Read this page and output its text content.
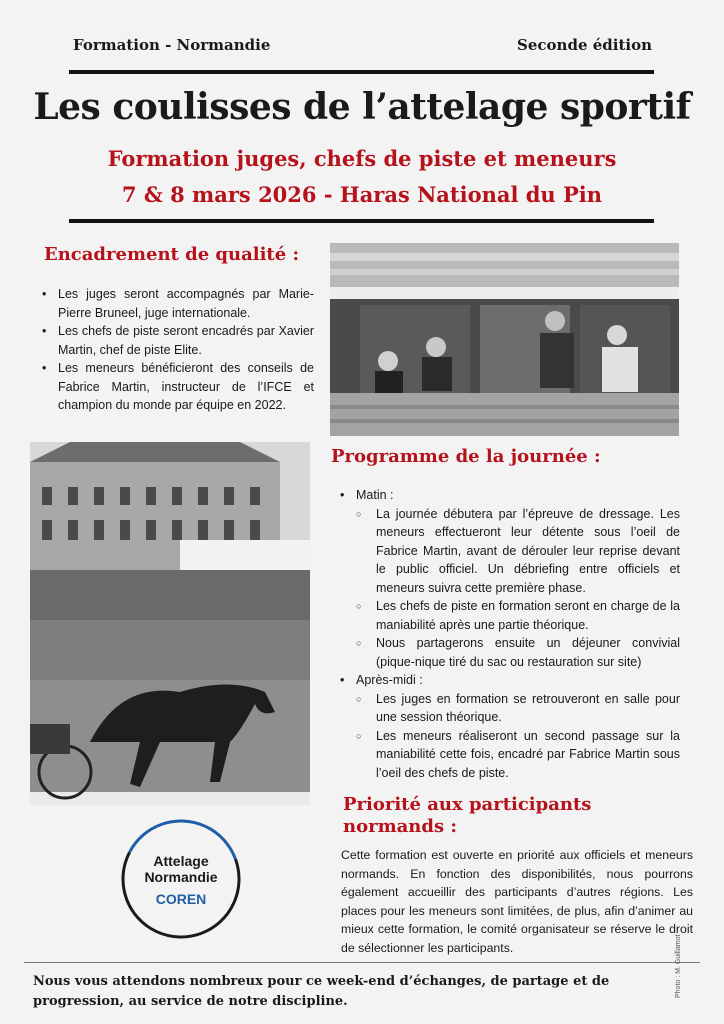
Formation - Normandie	Seconde édition
Les coulisses de l’attelage sportif
Formation juges, chefs de piste et meneurs
7 & 8 mars 2026 - Haras National du Pin
Encadrement de qualité :
• Les juges seront accompagnés par Marie-Pierre Bruneel, juge internationale.
• Les chefs de piste seront encadrés par Xavier Martin, chef de piste Elite.
• Les meneurs bénéficieront des conseils de Fabrice Martin, instructeur de l’IFCE et champion du monde par équipe en 2022.
Programme de la journée :
• Matin :
○ La journée débutera par l’épreuve de dressage. Les meneurs effectueront leur détente sous l’oeil de Fabrice Martin, avant de dérouler leur reprise devant le public officiel. Un débriefing entre officiels et meneurs suivra cette première phase.
○ Les chefs de piste en formation seront en charge de la maniabilité après une partie théorique.
○ Nous partagerons ensuite un déjeuner convivial (pique-nique tiré du sac ou restauration sur site)
• Après-midi :
○ Les juges en formation se retrouveront en salle pour une session théorique.
○ Les meneurs réaliseront un second passage sur la maniabilité cette fois, encadré par Fabrice Martin sous l’oeil des chefs de piste.
Priorité aux participants
normands :
Cette formation est ouverte en priorité aux officiels et meneurs normands. En fonction des disponibilités, nous pourrons également accueillir des participants d’autres régions. Les places pour les meneurs sont limitées, de plus, afin d’animer au mieux cette formation, le comité organisateur se réserve le droit de sélectionner les participants.
Attelage
Normandie
COREN
Nous vous attendons nombreux pour ce week-end d’échanges, de partage et de progression, au service de notre discipline.
Photo : M. Guillamot
